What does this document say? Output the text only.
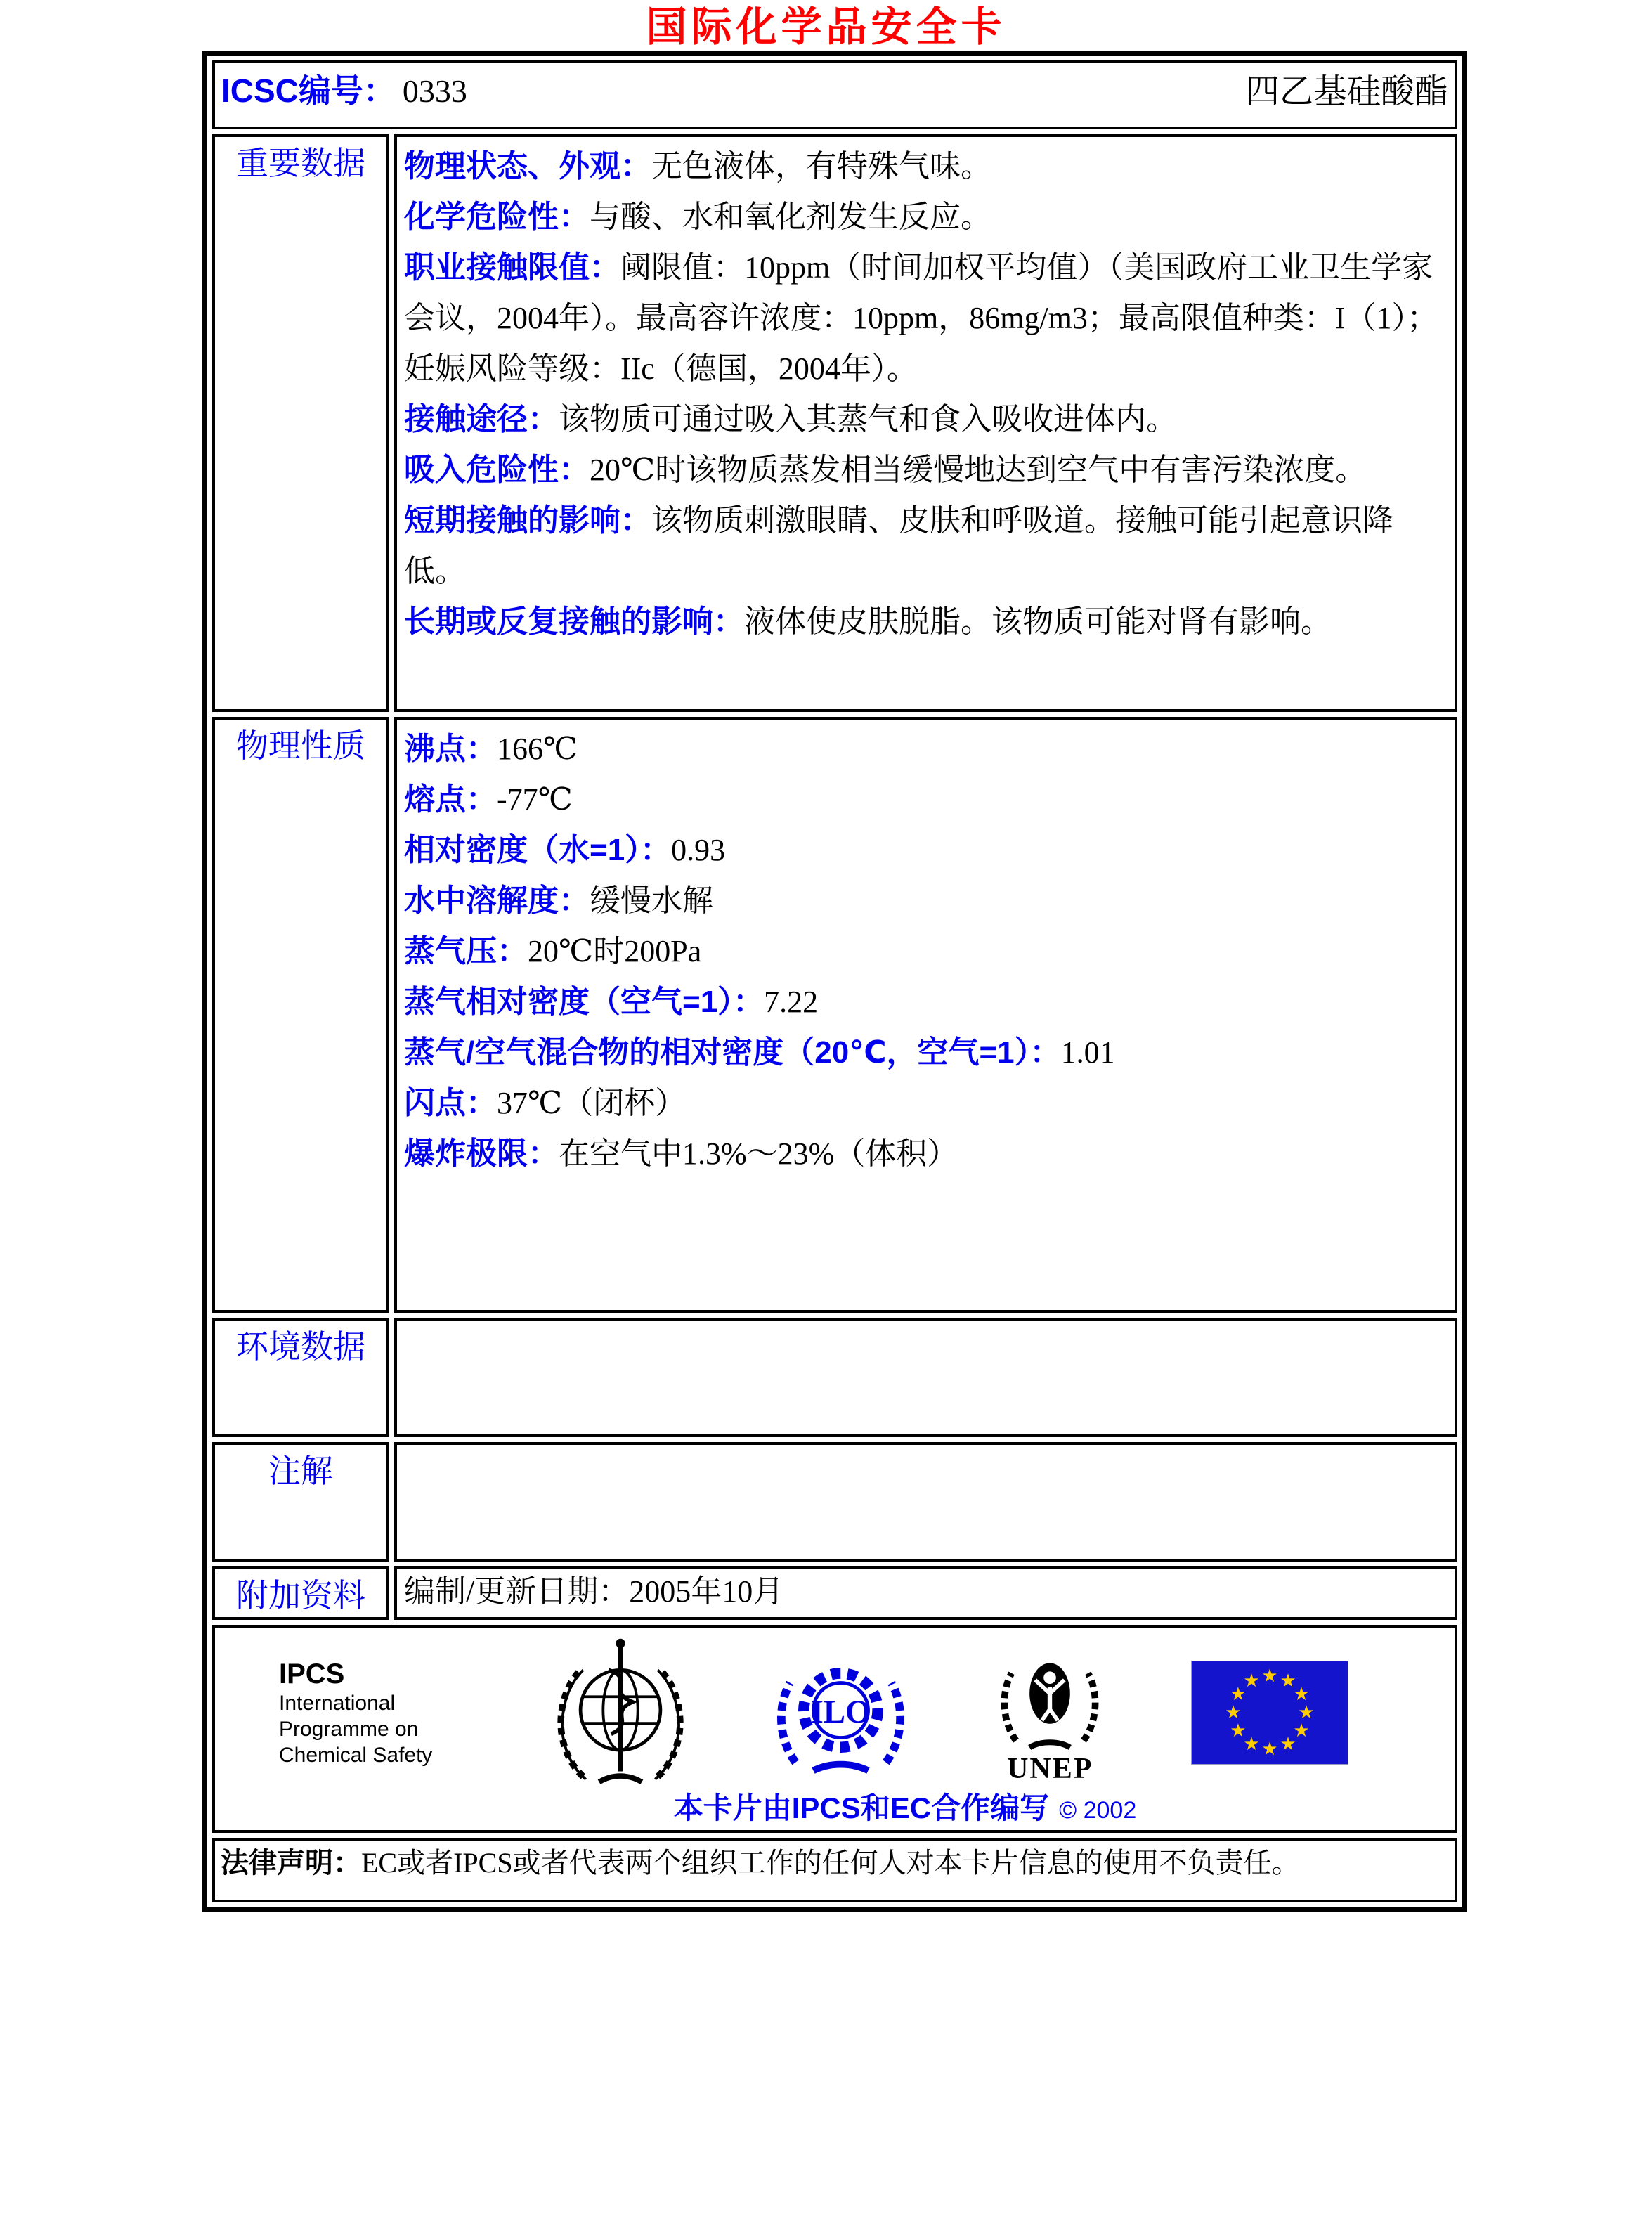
国际化学品安全卡
ICSC编号： 0333 四乙基硅酸酯	

重要数据	物理状态、外观：无色液体，有特殊气味。
化学危险性：与酸、水和氧化剂发生反应。
职业接触限值：阈限值：10ppm（时间加权平均值）（美国政府工业卫生学家会议，2004年）。最高容许浓度：10ppm，86mg/m3；最高限值种类：I（1）；妊娠风险等级：IIc（德国，2004年）。
接触途径：该物质可通过吸入其蒸气和食入吸收进体内。
吸入危险性：20℃时该物质蒸发相当缓慢地达到空气中有害污染浓度。
短期接触的影响：该物质刺激眼睛、皮肤和呼吸道。接触可能引起意识降低。
长期或反复接触的影响：液体使皮肤脱脂。该物质可能对肾有影响。

物理性质	沸点：166℃
熔点：-77℃
相对密度（水=1）：0.93
水中溶解度：缓慢水解
蒸气压：20℃时200Pa
蒸气相对密度（空气=1）：7.22
蒸气/空气混合物的相对密度（20℃，空气=1）：1.01
闪点：37℃（闭杯）
爆炸极限：在空气中1.3%～23%（体积）

环境数据	
注解	
附加资料	编制/更新日期：2005年10月

IPCS
International
Programme on
Chemical Safety
ILO
UNEP
★ ★
★
★
★
★
★
★
★
★
★
★
本卡片由IPCS和EC合作编写 © 2002

法律声明：EC或者IPCS或者代表两个组织工作的任何人对本卡片信息的使用不负责任。	
